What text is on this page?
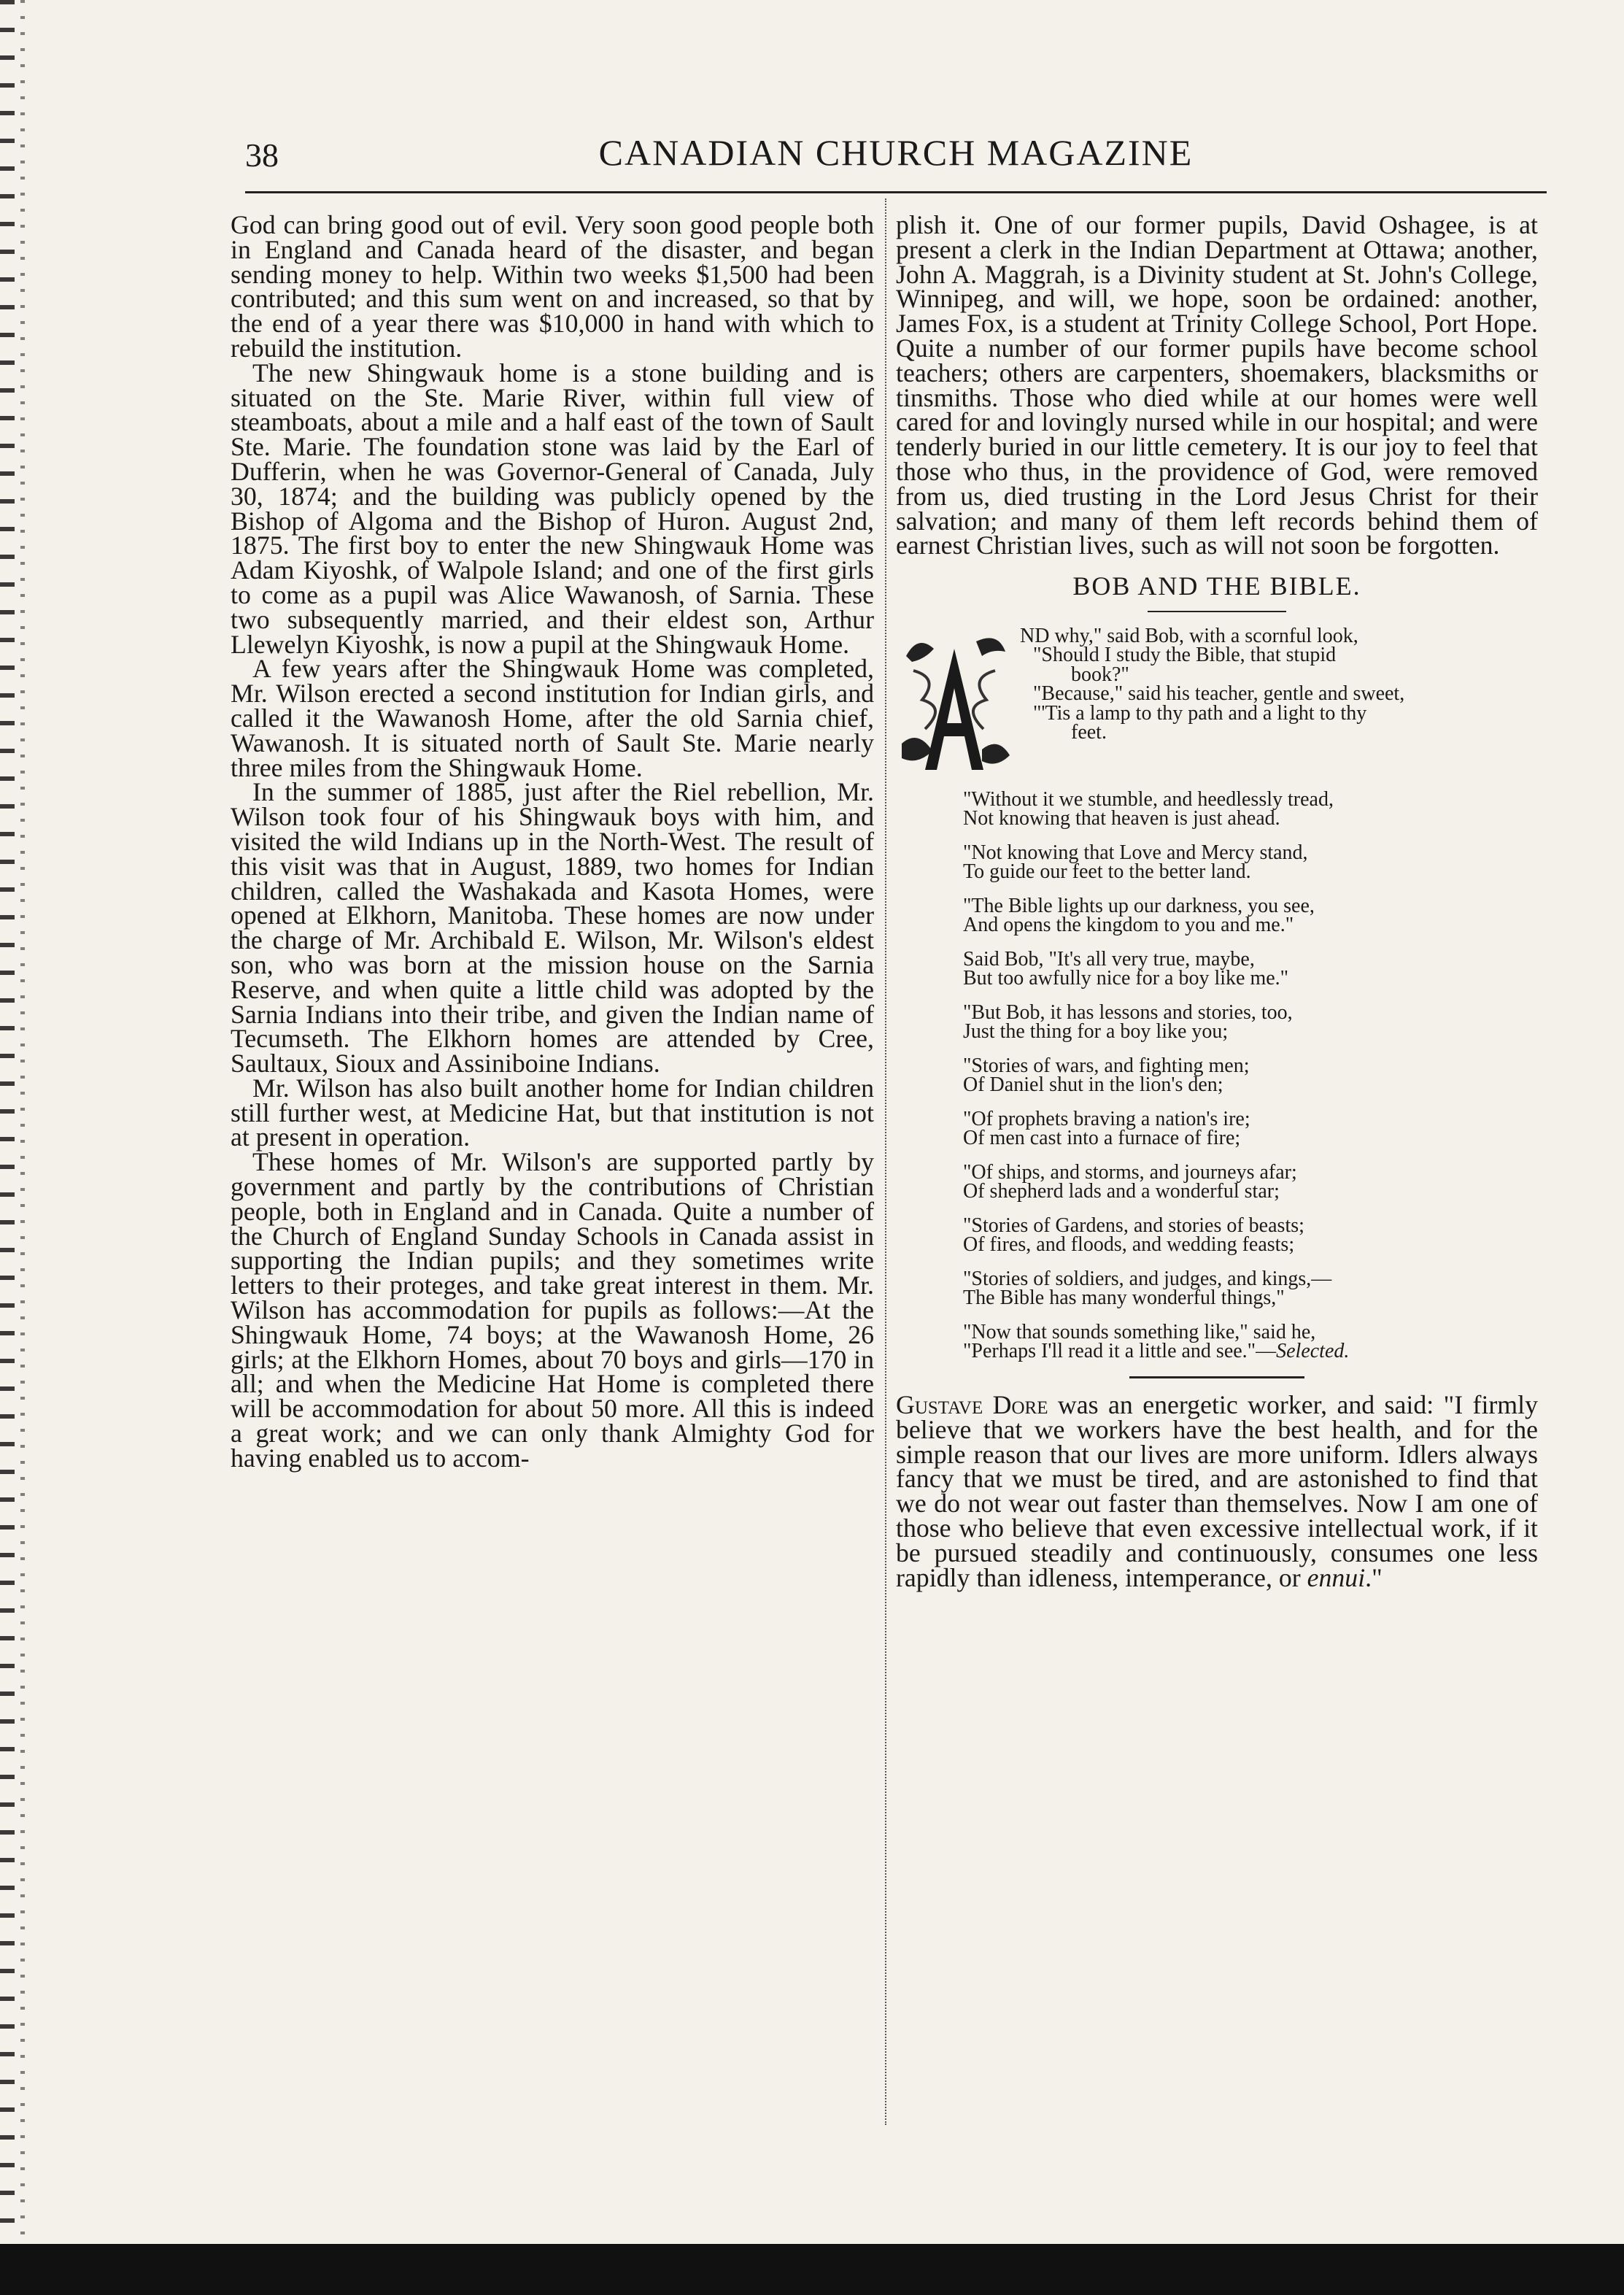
38	CANADIAN CHURCH MAGAZINE

God can bring good out of evil. Very soon good people both in England and Canada heard of the disaster, and began sending money to help. Within two weeks $1,500 had been contributed; and this sum went on and increased, so that by the end of a year there was $10,000 in hand with which to rebuild the institution.

The new Shingwauk home is a stone building and is situated on the Ste. Marie River, within full view of steamboats, about a mile and a half east of the town of Sault Ste. Marie. The foundation stone was laid by the Earl of Dufferin, when he was Governor-General of Canada, July 30, 1874; and the building was publicly opened by the Bishop of Algoma and the Bishop of Huron. August 2nd, 1875. The first boy to enter the new Shingwauk Home was Adam Kiyoshk, of Walpole Island; and one of the first girls to come as a pupil was Alice Wawanosh, of Sarnia. These two subsequently married, and their eldest son, Arthur Llewelyn Kiyoshk, is now a pupil at the Shingwauk Home.

A few years after the Shingwauk Home was completed, Mr. Wilson erected a second institution for Indian girls, and called it the Wawanosh Home, after the old Sarnia chief, Wawanosh. It is situated north of Sault Ste. Marie nearly three miles from the Shingwauk Home.

In the summer of 1885, just after the Riel rebellion, Mr. Wilson took four of his Shingwauk boys with him, and visited the wild Indians up in the North-West. The result of this visit was that in August, 1889, two homes for Indian children, called the Washakada and Kasota Homes, were opened at Elkhorn, Manitoba. These homes are now under the charge of Mr. Archibald E. Wilson, Mr. Wilson's eldest son, who was born at the mission house on the Sarnia Reserve, and when quite a little child was adopted by the Sarnia Indians into their tribe, and given the Indian name of Tecumseth. The Elkhorn homes are attended by Cree, Saultaux, Sioux and Assiniboine Indians.

Mr. Wilson has also built another home for Indian children still further west, at Medicine Hat, but that institution is not at present in operation.

These homes of Mr. Wilson's are supported partly by government and partly by the contributions of Christian people, both in England and in Canada. Quite a number of the Church of England Sunday Schools in Canada assist in supporting the Indian pupils; and they sometimes write letters to their proteges, and take great interest in them. Mr. Wilson has accommodation for pupils as follows:—At the Shingwauk Home, 74 boys; at the Wawanosh Home, 26 girls; at the Elkhorn Homes, about 70 boys and girls—170 in all; and when the Medicine Hat Home is completed there will be accommodation for about 50 more. All this is indeed a great work; and we can only thank Almighty God for having enabled us to accom-

plish it. One of our former pupils, David Oshagee, is at present a clerk in the Indian Department at Ottawa; another, John A. Maggrah, is a Divinity student at St. John's College, Winnipeg, and will, we hope, soon be ordained: another, James Fox, is a student at Trinity College School, Port Hope. Quite a number of our former pupils have become school teachers; others are carpenters, shoemakers, blacksmiths or tinsmiths. Those who died while at our homes were well cared for and lovingly nursed while in our hospital; and were tenderly buried in our little cemetery. It is our joy to feel that those who thus, in the providence of God, were removed from us, died trusting in the Lord Jesus Christ for their salvation; and many of them left records behind them of earnest Christian lives, such as will not soon be forgotten.

BOB AND THE BIBLE.
ND why," said Bob, with a scornful look,
"Should I study the Bible, that stupid
book?"
"Because," said his teacher, gentle and sweet,
"'Tis a lamp to thy path and a light to thy
feet.
"Without it we stumble, and heedlessly tread,
Not knowing that heaven is just ahead.
"Not knowing that Love and Mercy stand,
To guide our feet to the better land.
"The Bible lights up our darkness, you see,
And opens the kingdom to you and me."
Said Bob, "It's all very true, maybe,
But too awfully nice for a boy like me."
"But Bob, it has lessons and stories, too,
Just the thing for a boy like you;
"Stories of wars, and fighting men;
Of Daniel shut in the lion's den;
"Of prophets braving a nation's ire;
Of men cast into a furnace of fire;
"Of ships, and storms, and journeys afar;
Of shepherd lads and a wonderful star;
"Stories of Gardens, and stories of beasts;
Of fires, and floods, and wedding feasts;
"Stories of soldiers, and judges, and kings,—
The Bible has many wonderful things,"
"Now that sounds something like," said he,
"Perhaps I'll read it a little and see."—Selected.

Gustave Dore was an energetic worker, and said: "I firmly believe that we workers have the best health, and for the simple reason that our lives are more uniform. Idlers always fancy that we must be tired, and are astonished to find that we do not wear out faster than themselves. Now I am one of those who believe that even excessive intellectual work, if it be pursued steadily and continuously, consumes one less rapidly than idleness, intemperance, or ennui."
